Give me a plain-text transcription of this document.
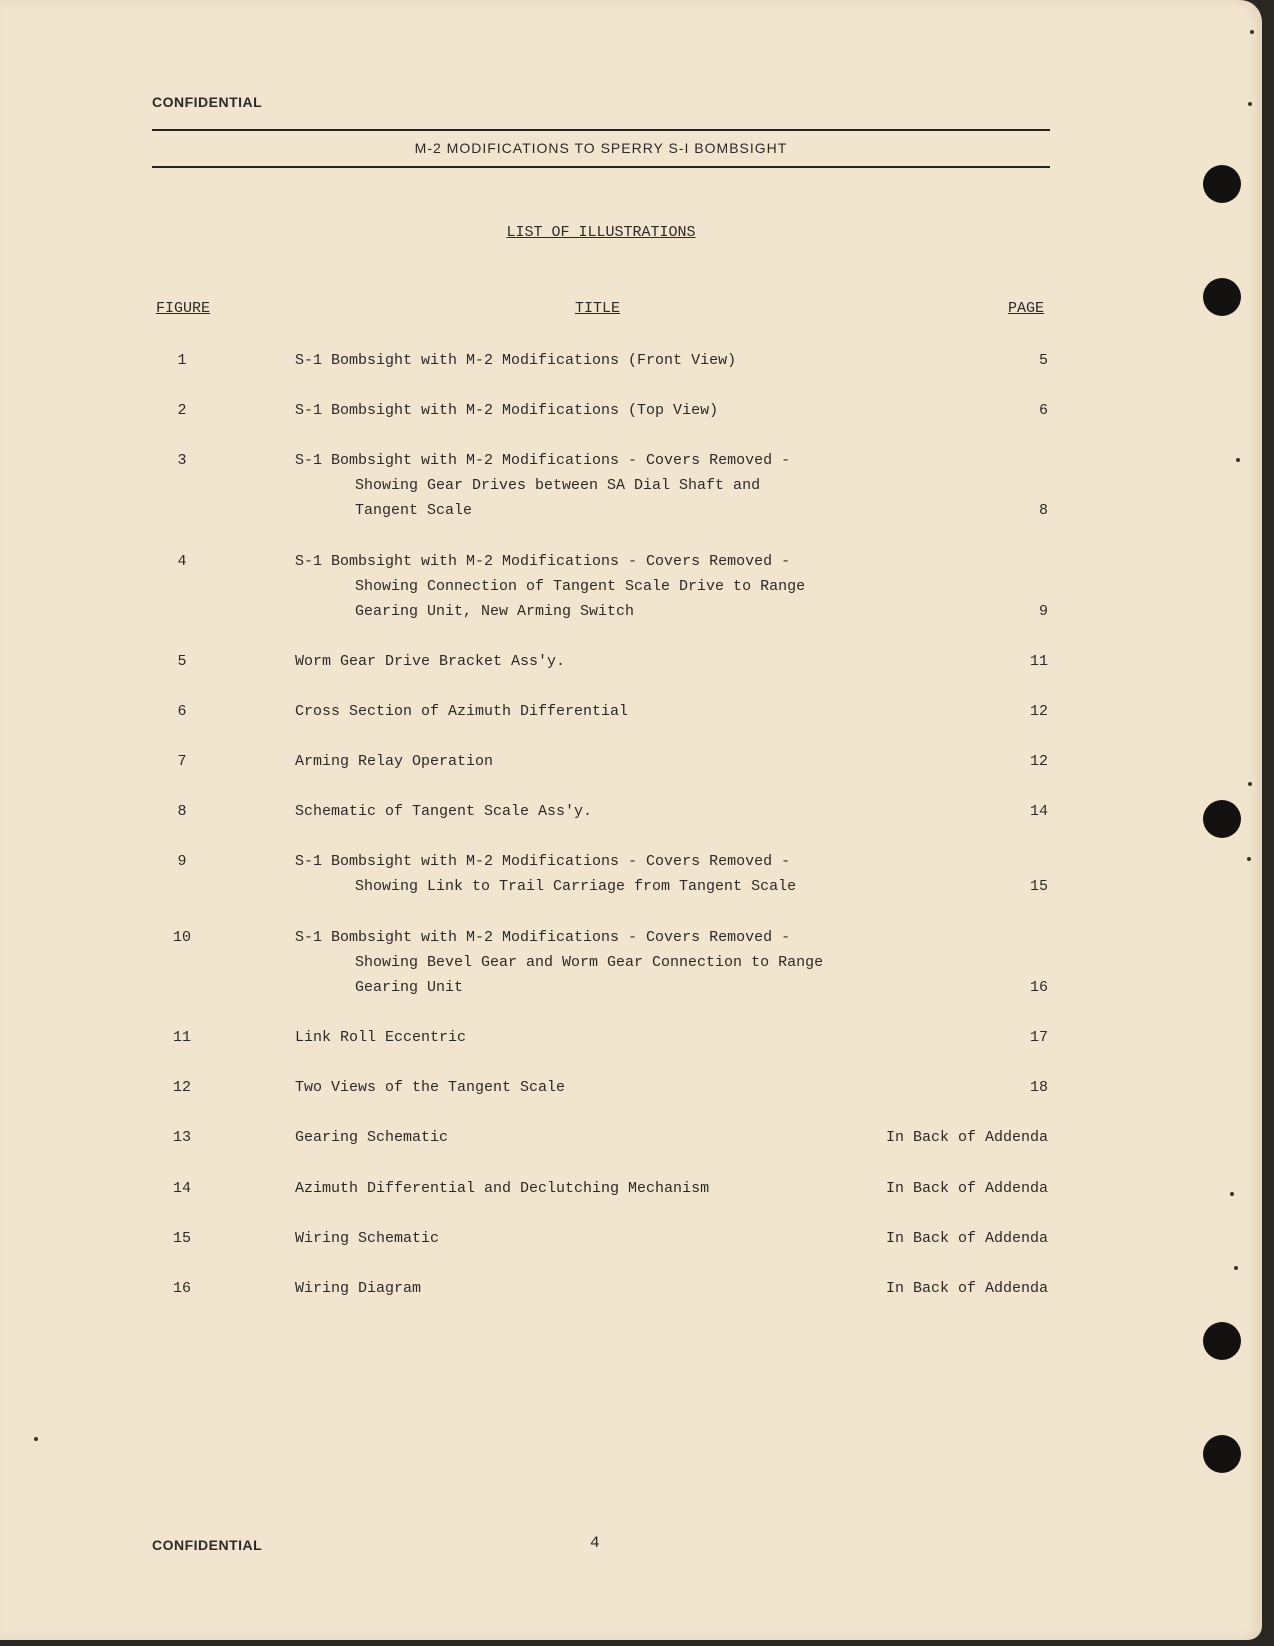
CONFIDENTIAL
M-2 MODIFICATIONS TO SPERRY S-I BOMBSIGHT
LIST OF ILLUSTRATIONS
FIGURE	TITLE	PAGE
1	S-1 Bombsight with M-2 Modifications (Front View)	5
2	S-1 Bombsight with M-2 Modifications (Top View)	6
3	S-1 Bombsight with M-2 Modifications - Covers Removed -
Showing Gear Drives between SA Dial Shaft and
Tangent Scale	8
4	S-1 Bombsight with M-2 Modifications - Covers Removed -
Showing Connection of Tangent Scale Drive to Range
Gearing Unit, New Arming Switch	9
5	Worm Gear Drive Bracket Ass'y.	11
6	Cross Section of Azimuth Differential	12
7	Arming Relay Operation	12
8	Schematic of Tangent Scale Ass'y.	14
9	S-1 Bombsight with M-2 Modifications - Covers Removed -
Showing Link to Trail Carriage from Tangent Scale	15
10	S-1 Bombsight with M-2 Modifications - Covers Removed -
Showing Bevel Gear and Worm Gear Connection to Range
Gearing Unit	16
11	Link Roll Eccentric	17
12	Two Views of the Tangent Scale	18
13	Gearing Schematic	In Back of Addenda
14	Azimuth Differential and Declutching Mechanism	In Back of Addenda
15	Wiring Schematic	In Back of Addenda
16	Wiring Diagram	In Back of Addenda
CONFIDENTIAL	4
